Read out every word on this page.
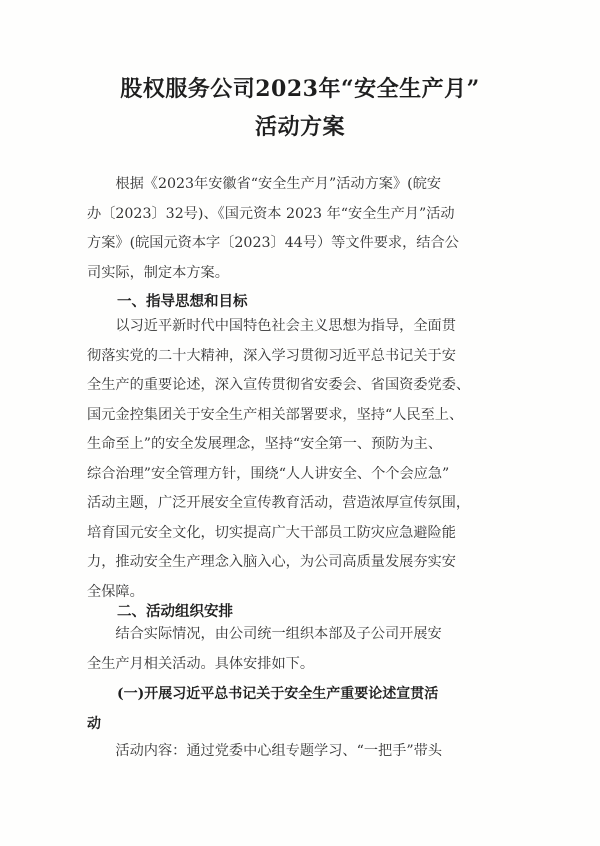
股权服务公司2023年“安全生产月”
活动方案
　　根据《2023年安徽省“安全生产月”活动方案》(皖安
办〔2023〕32号)、《国元资本 2023 年“安全生产月”活动
方案》(皖国元资本字〔2023〕44号）等文件要求，结合公
司实际，制定本方案。
一、指导思想和目标
　　以习近平新时代中国特色社会主义思想为指导，全面贯
彻落实党的二十大精神，深入学习贯彻习近平总书记关于安
全生产的重要论述，深入宣传贯彻省安委会、省国资委党委、
国元金控集团关于安全生产相关部署要求，坚持“人民至上、
生命至上”的安全发展理念，坚持“安全第一、预防为主、
综合治理”安全管理方针，围绕“人人讲安全、个个会应急”
活动主题，广泛开展安全宣传教育活动，营造浓厚宣传氛围，
培育国元安全文化，切实提高广大干部员工防灾应急避险能
力，推动安全生产理念入脑入心，为公司高质量发展夯实安
全保障。
二、活动组织安排
　　结合实际情况，由公司统一组织本部及子公司开展安
全生产月相关活动。具体安排如下。
(一)开展习近平总书记关于安全生产重要论述宣贯活
动
　　活动内容：通过党委中心组专题学习、“一把手”带头
